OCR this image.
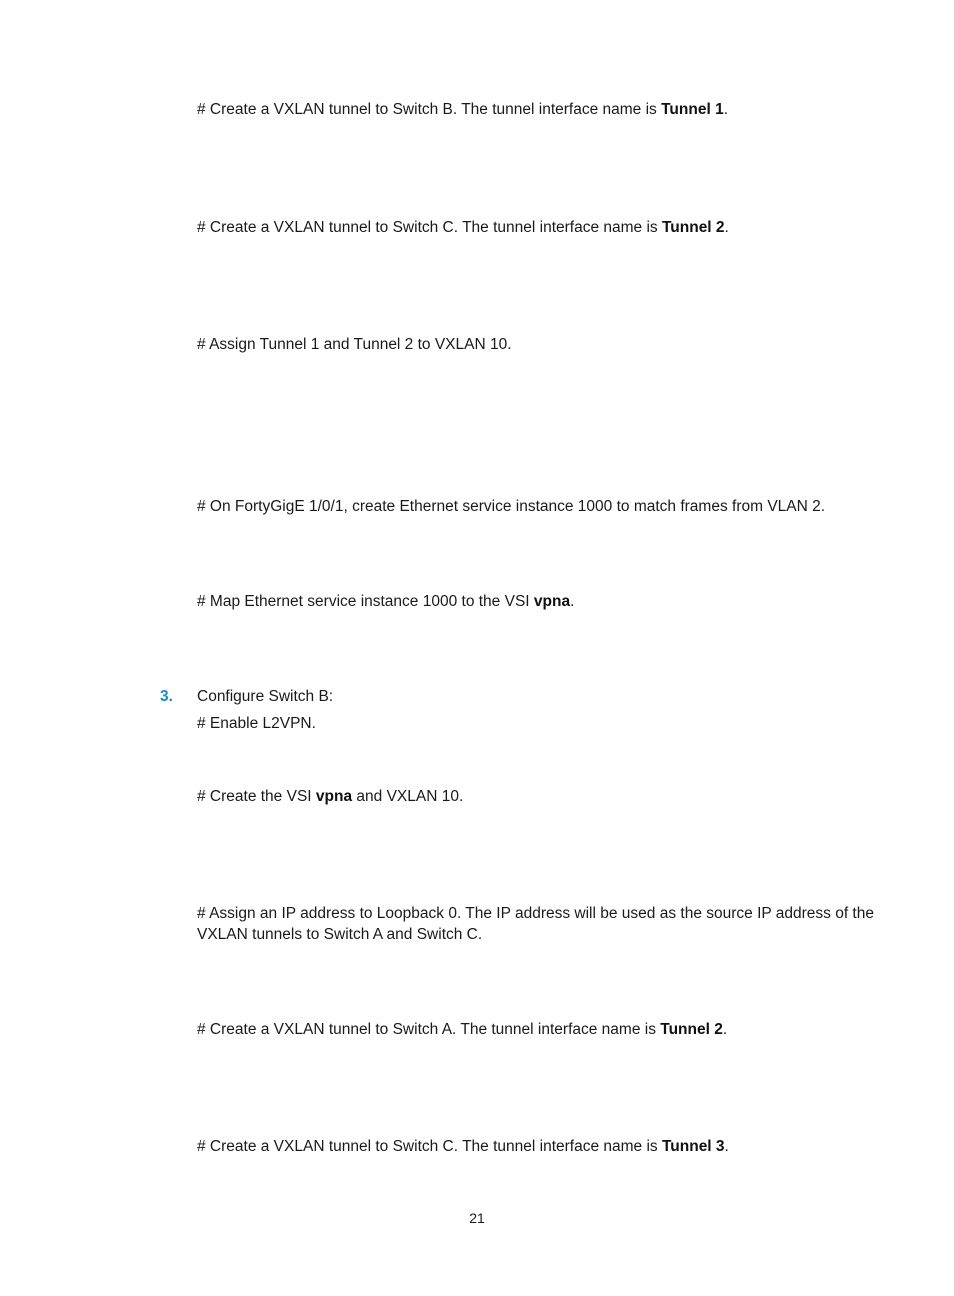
# Create a VXLAN tunnel to Switch B. The tunnel interface name is Tunnel 1.
# Create a VXLAN tunnel to Switch C. The tunnel interface name is Tunnel 2.
# Assign Tunnel 1 and Tunnel 2 to VXLAN 10.
# On FortyGigE 1/0/1, create Ethernet service instance 1000 to match frames from VLAN 2.
# Map Ethernet service instance 1000 to the VSI vpna.
3. Configure Switch B:
# Enable L2VPN.
# Create the VSI vpna and VXLAN 10.
# Assign an IP address to Loopback 0. The IP address will be used as the source IP address of the
VXLAN tunnels to Switch A and Switch C.
# Create a VXLAN tunnel to Switch A. The tunnel interface name is Tunnel 2.
# Create a VXLAN tunnel to Switch C. The tunnel interface name is Tunnel 3.
21
